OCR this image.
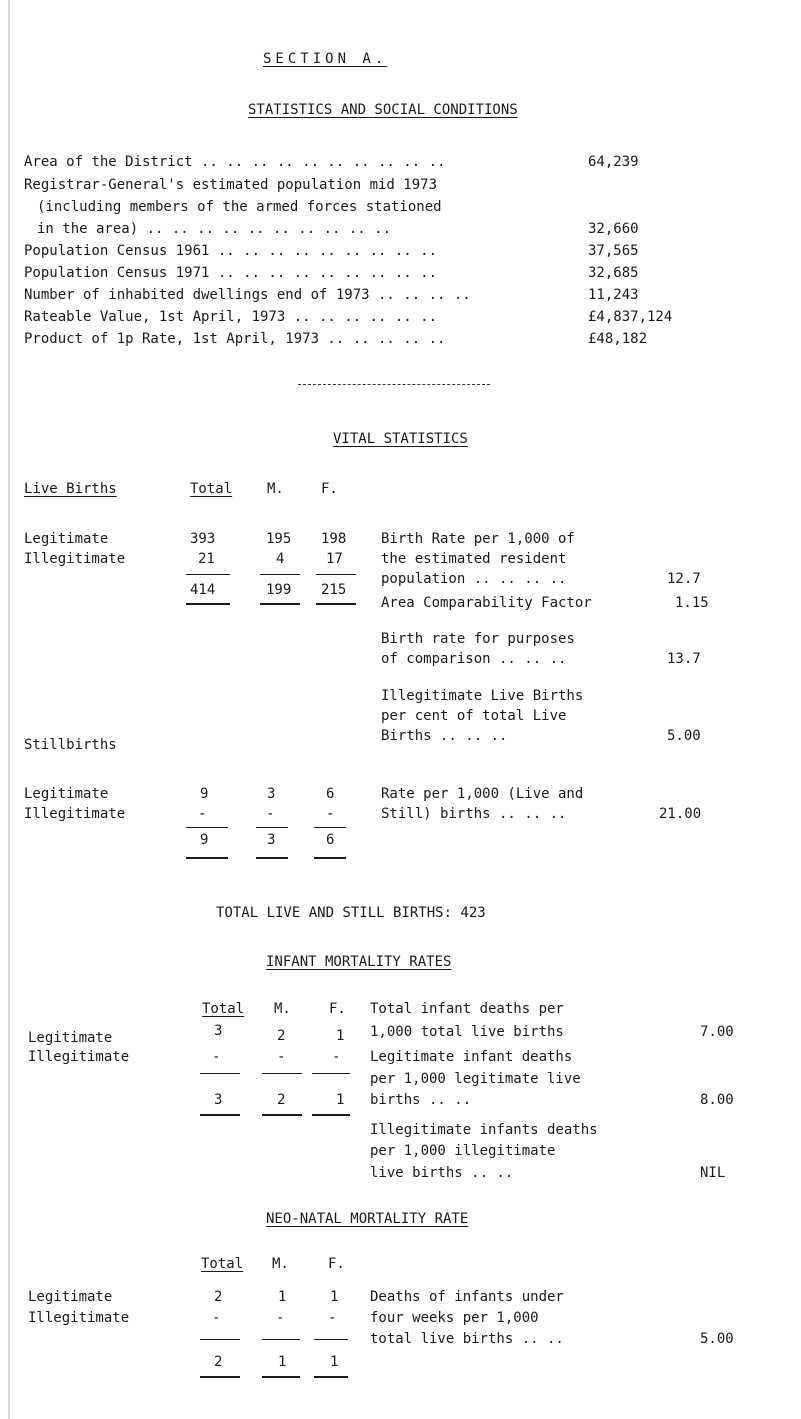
SECTION A.
STATISTICS AND SOCIAL CONDITIONS
Area of the District .. .. .. .. .. .. .. .. .. ..	64,239
Registrar-General's estimated population mid 1973
(including members of the armed forces stationed
in the area) .. .. .. .. .. .. .. .. .. ..	32,660
Population Census 1961 .. .. .. .. .. .. .. .. ..	37,565
Population Census 1971 .. .. .. .. .. .. .. .. ..	32,685
Number of inhabited dwellings end of 1973 .. .. .. ..	11,243
Rateable Value, 1st April, 1973 .. .. .. .. .. ..	£4,837,124
Product of 1p Rate, 1st April, 1973 .. .. .. .. ..	£48,182
VITAL STATISTICS
Live Births	Total M.	F.
Legitimate	393	195 198
Illegitimate	21	4	17
414	199 215
Birth Rate per 1,000 of
the estimated resident
population .. .. .. ..	12.7
Area Comparability Factor	1.15
Birth rate for purposes
of comparison .. .. ..	13.7
Illegitimate Live Births
per cent of total Live
Births .. .. ..	5.00
Stillbirths
Legitimate	9	3	6
Illegitimate	-	-	-
9	3	6
Rate per 1,000 (Live and
Still) births .. .. ..	21.00
TOTAL LIVE AND STILL BIRTHS: 423
INFANT MORTALITY RATES
Total M.	F.
Legitimate	3	2	1
Illegitimate	-	-	-
3	2	1
Total infant deaths per
1,000 total live births	7.00
Legitimate infant deaths
per 1,000 legitimate live
births .. ..	8.00
Illegitimate infants deaths
per 1,000 illegitimate
live births .. ..	NIL
NEO-NATAL MORTALITY RATE
Total M.	F.
Legitimate	2	1	1
Illegitimate	-	-	-
2	1	1
Deaths of infants under
four weeks per 1,000
total live births .. ..	5.00
